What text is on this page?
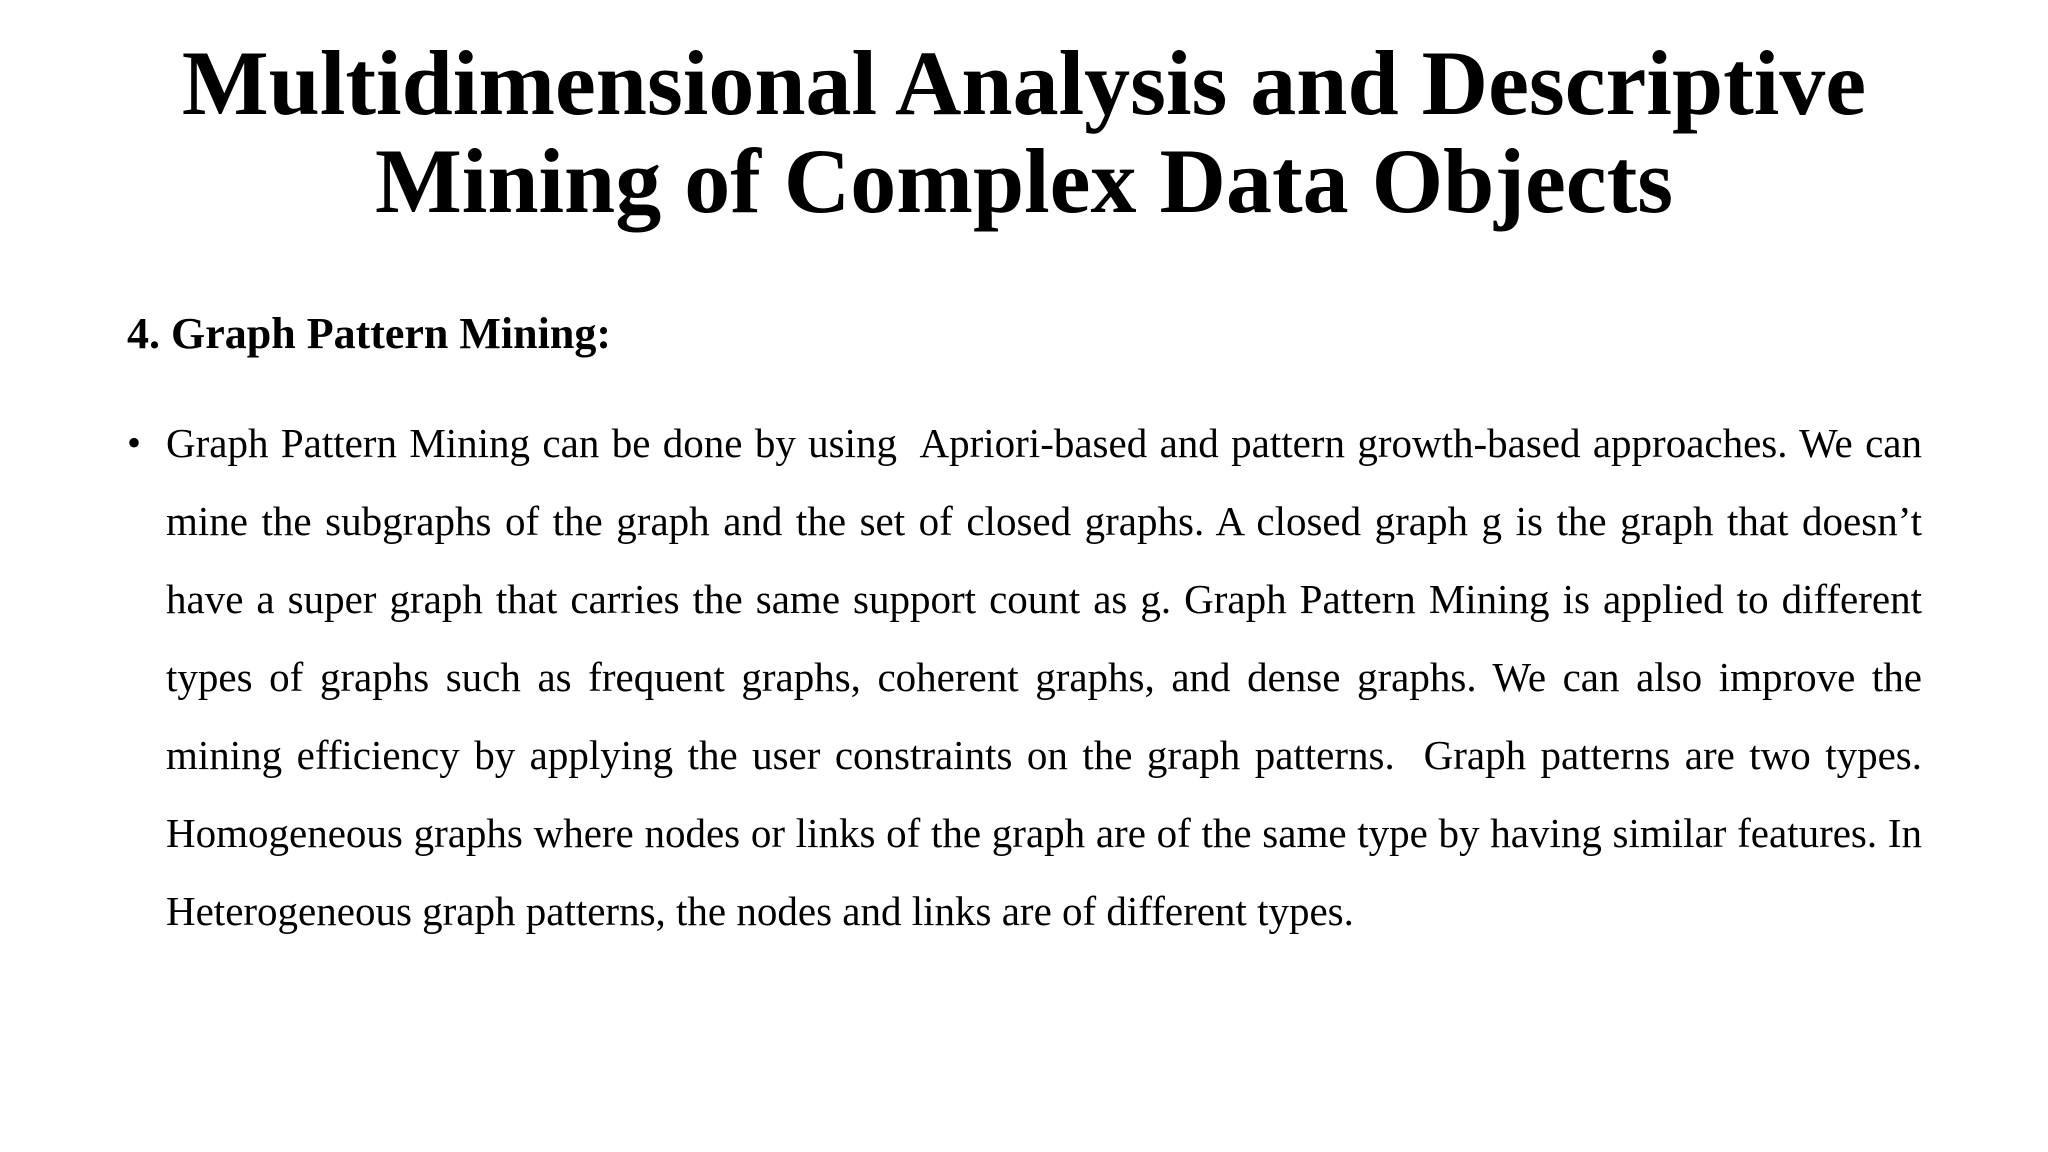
Multidimensional Analysis and Descriptive
Mining of Complex Data Objects
4. Graph Pattern Mining:
• Graph Pattern Mining can be done by using  Apriori-based and pattern growth-based approaches. We can mine the subgraphs of the graph and the set of closed graphs. A closed graph g is the graph that doesn’t have a super graph that carries the same support count as g. Graph Pattern Mining is applied to different types of graphs such as frequent graphs, coherent graphs, and dense graphs. We can also improve the mining efficiency by applying the user constraints on the graph patterns.  Graph patterns are two types. Homogeneous graphs where nodes or links of the graph are of the same type by having similar features. In Heterogeneous graph patterns, the nodes and links are of different types.
